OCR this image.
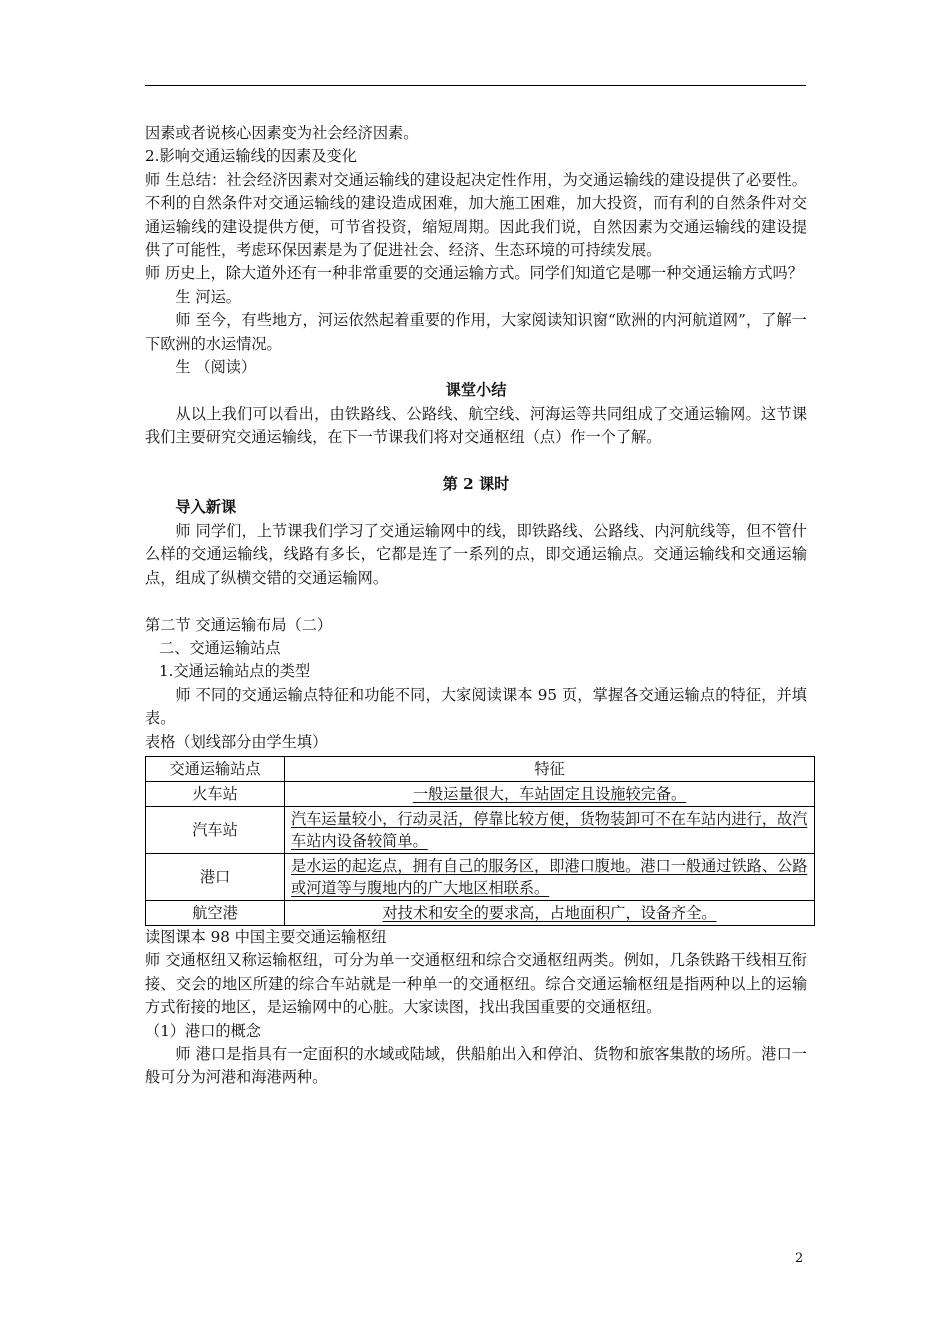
因素或者说核心因素变为社会经济因素。

2.影响交通运输线的因素及变化

师 生总结：社会经济因素对交通运输线的建设起决定性作用，为交通运输线的建设提供了必要性。不利的自然条件对交通运输线的建设造成困难，加大施工困难，加大投资，而有利的自然条件对交通运输线的建设提供方便，可节省投资，缩短周期。因此我们说，自然因素为交通运输线的建设提供了可能性，考虑环保因素是为了促进社会、经济、生态环境的可持续发展。

师 历史上，除大道外还有一种非常重要的交通运输方式。同学们知道它是哪一种交通运输方式吗？

生 河运。

师 至今，有些地方，河运依然起着重要的作用，大家阅读知识窗“欧洲的内河航道网”，了解一下欧洲的水运情况。

生 （阅读）

课堂小结

从以上我们可以看出，由铁路线、公路线、航空线、河海运等共同组成了交通运输网。这节课我们主要研究交通运输线，在下一节课我们将对交通枢纽（点）作一个了解。

第 2 课时

导入新课

师 同学们，上节课我们学习了交通运输网中的线，即铁路线、公路线、内河航线等，但不管什么样的交通运输线，线路有多长，它都是连了一系列的点，即交通运输点。交通运输线和交通运输点，组成了纵横交错的交通运输网。

第二节 交通运输布局（二）

二、交通运输站点

1.交通运输站点的类型

师 不同的交通运输点特征和功能不同，大家阅读课本 95 页，掌握各交通运输点的特征，并填表。

表格（划线部分由学生填）

交通运输站点	特征
火车站	一般运量很大，车站固定且设施较完备。
汽车站	汽车运量较小，行动灵活，停靠比较方便，货物装卸可不在车站内进行，故汽车站内设备较简单。
港口	是水运的起迄点，拥有自己的服务区，即港口腹地。港口一般通过铁路、公路或河道等与腹地内的广大地区相联系。
航空港	对技术和安全的要求高，占地面积广，设备齐全。

读图课本 98 中国主要交通运输枢纽

师 交通枢纽又称运输枢纽，可分为单一交通枢纽和综合交通枢纽两类。例如，几条铁路干线相互衔接、交会的地区所建的综合车站就是一种单一的交通枢纽。综合交通运输枢纽是指两种以上的运输方式衔接的地区，是运输网中的心脏。大家读图，找出我国重要的交通枢纽。

（1）港口的概念

师 港口是指具有一定面积的水域或陆域，供船舶出入和停泊、货物和旅客集散的场所。港口一般可分为河港和海港两种。

2
